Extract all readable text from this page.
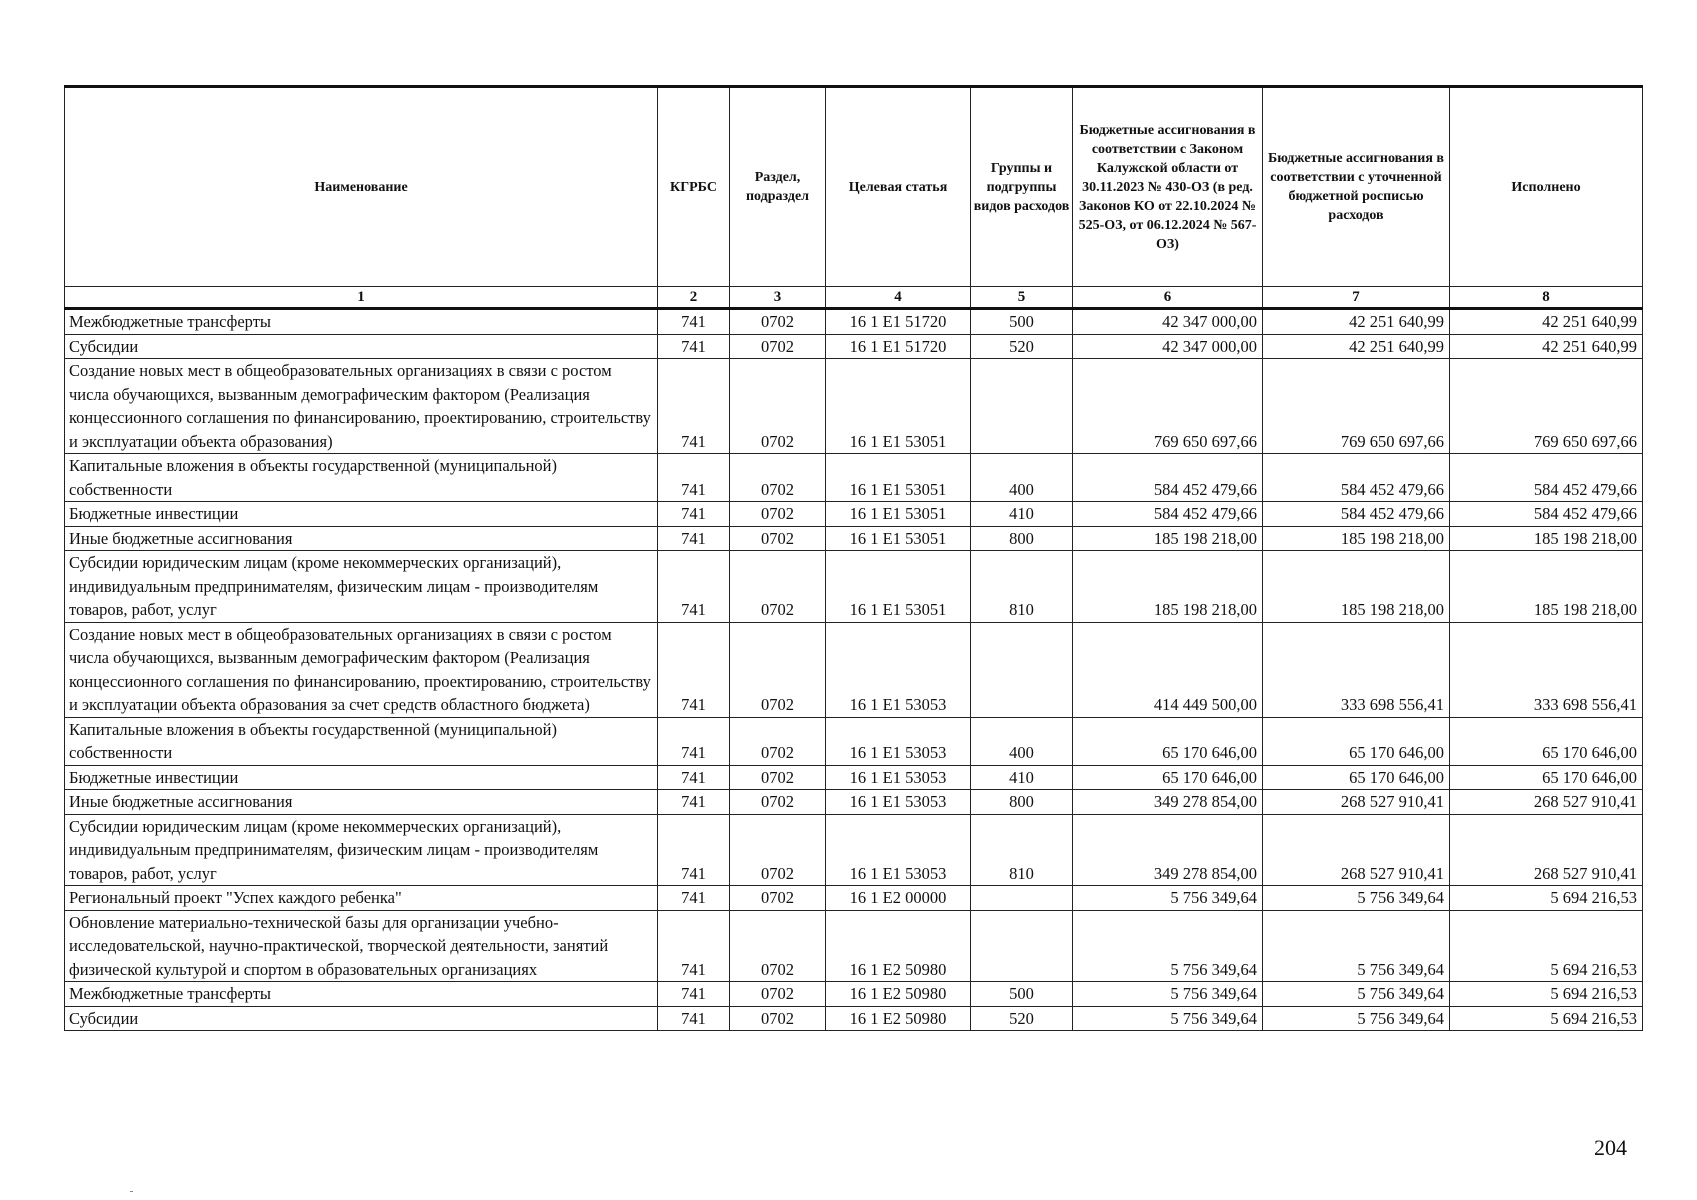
Наименование	КГРБС	Раздел, подраздел	Целевая статья	Группы и подгруппы видов расходов	Бюджетные ассигнования в соответствии с Законом Калужской области от 30.11.2023 № 430-ОЗ (в ред. Законов КО от 22.10.2024 № 525-ОЗ, от 06.12.2024 № 567-ОЗ)	Бюджетные ассигнования в соответствии с уточненной бюджетной росписью расходов	Исполнено
1	2	3	4	5	6	7	8
Межбюджетные трансферты	741	0702	16 1 E1 51720	500	42 347 000,00	42 251 640,99	42 251 640,99
Субсидии	741	0702	16 1 E1 51720	520	42 347 000,00	42 251 640,99	42 251 640,99
Создание новых мест в общеобразовательных организациях в связи с ростом числа обучающихся, вызванным демографическим фактором (Реализация концессионного соглашения по финансированию, проектированию, строительству и эксплуатации объекта образования)	741	0702	16 1 E1 53051		769 650 697,66	769 650 697,66	769 650 697,66
Капитальные вложения в объекты государственной (муниципальной) собственности	741	0702	16 1 E1 53051	400	584 452 479,66	584 452 479,66	584 452 479,66
Бюджетные инвестиции	741	0702	16 1 E1 53051	410	584 452 479,66	584 452 479,66	584 452 479,66
Иные бюджетные ассигнования	741	0702	16 1 E1 53051	800	185 198 218,00	185 198 218,00	185 198 218,00
Субсидии юридическим лицам (кроме некоммерческих организаций), индивидуальным предпринимателям, физическим лицам - производителям товаров, работ, услуг	741	0702	16 1 E1 53051	810	185 198 218,00	185 198 218,00	185 198 218,00
Создание новых мест в общеобразовательных организациях в связи с ростом числа обучающихся, вызванным демографическим фактором (Реализация концессионного соглашения по финансированию, проектированию, строительству и эксплуатации объекта образования за счет средств областного бюджета)	741	0702	16 1 E1 53053		414 449 500,00	333 698 556,41	333 698 556,41
Капитальные вложения в объекты государственной (муниципальной) собственности	741	0702	16 1 E1 53053	400	65 170 646,00	65 170 646,00	65 170 646,00
Бюджетные инвестиции	741	0702	16 1 E1 53053	410	65 170 646,00	65 170 646,00	65 170 646,00
Иные бюджетные ассигнования	741	0702	16 1 E1 53053	800	349 278 854,00	268 527 910,41	268 527 910,41
Субсидии юридическим лицам (кроме некоммерческих организаций), индивидуальным предпринимателям, физическим лицам - производителям товаров, работ, услуг	741	0702	16 1 E1 53053	810	349 278 854,00	268 527 910,41	268 527 910,41
Региональный проект "Успех каждого ребенка"	741	0702	16 1 E2 00000		5 756 349,64	5 756 349,64	5 694 216,53
Обновление материально-технической базы для организации учебно-исследовательской, научно-практической, творческой деятельности, занятий физической культурой и спортом в образовательных организациях	741	0702	16 1 E2 50980		5 756 349,64	5 756 349,64	5 694 216,53
Межбюджетные трансферты	741	0702	16 1 E2 50980	500	5 756 349,64	5 756 349,64	5 694 216,53
Субсидии	741	0702	16 1 E2 50980	520	5 756 349,64	5 756 349,64	5 694 216,53
204
